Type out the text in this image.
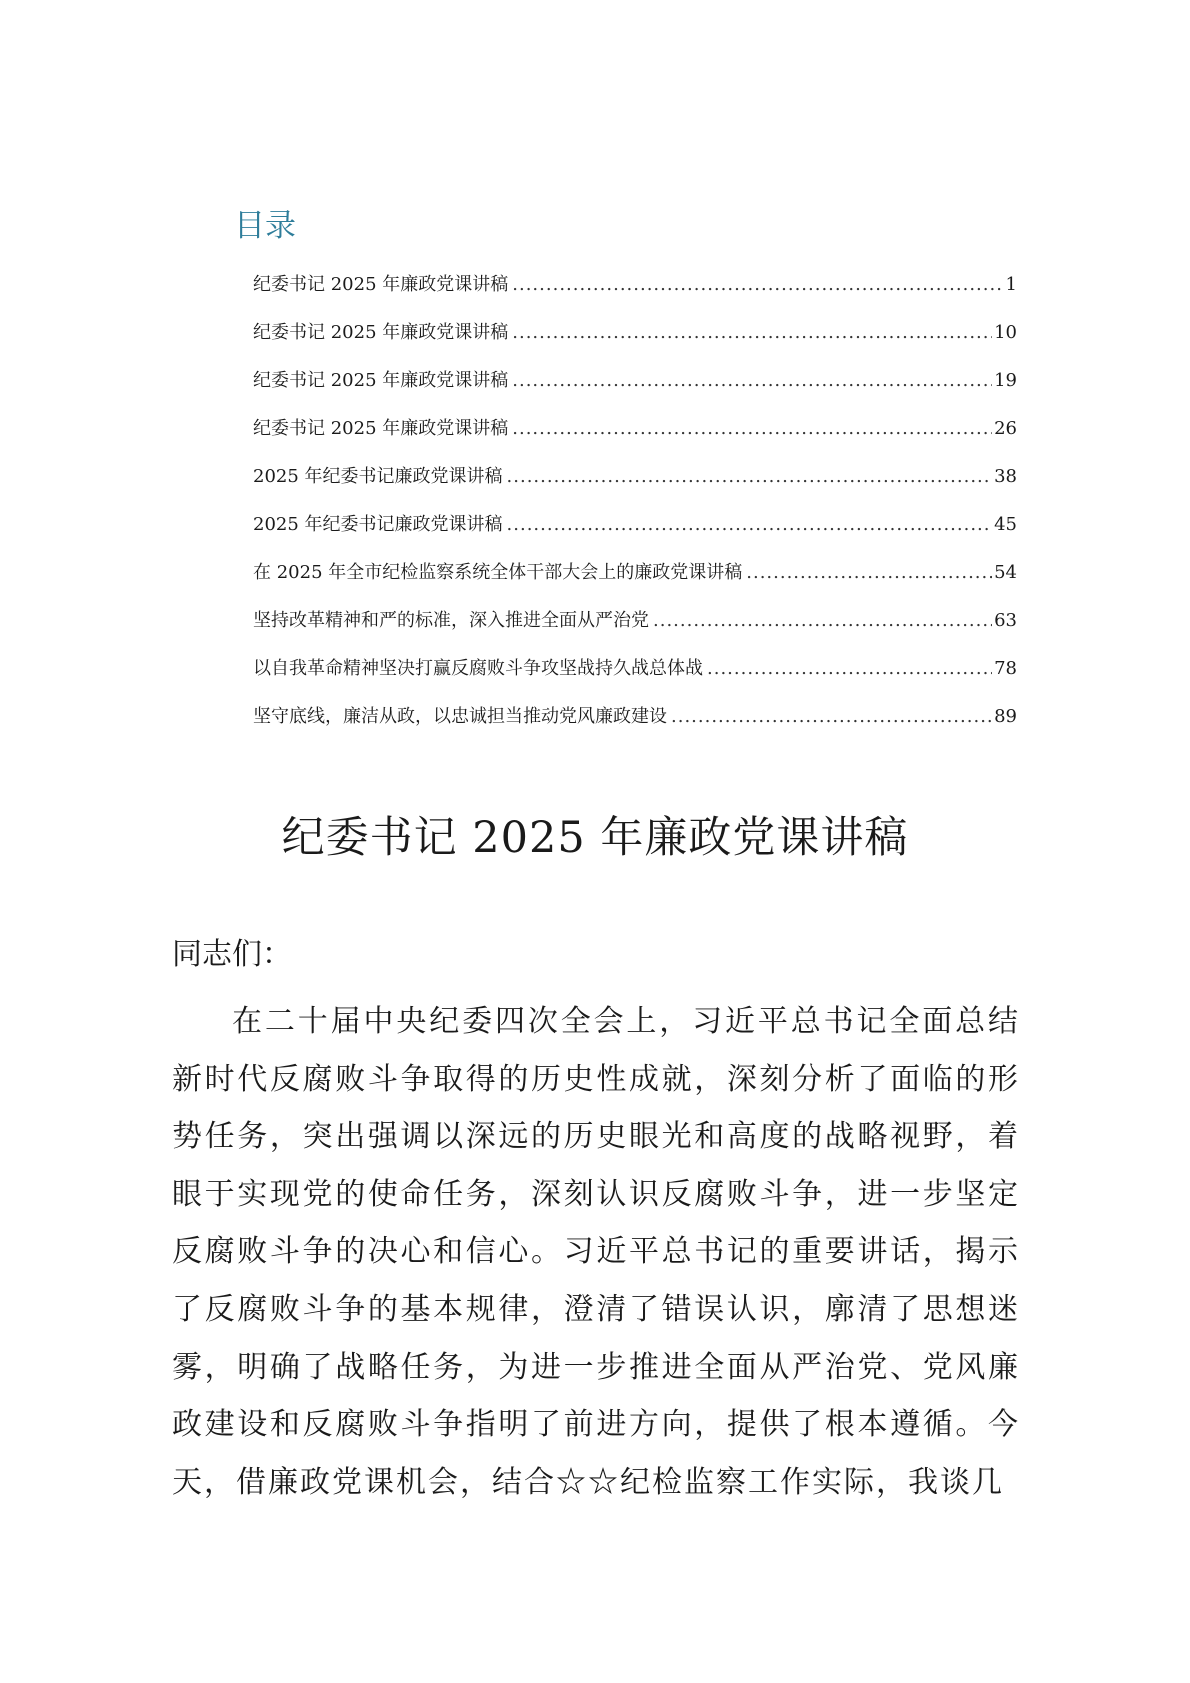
目录
纪委书记 2025 年廉政党课讲稿 .....	1
纪委书记 2025 年廉政党课讲稿 .....	10
纪委书记 2025 年廉政党课讲稿 .....	19
纪委书记 2025 年廉政党课讲稿 .....	26
2025 年纪委书记廉政党课讲稿 .....	38
2025 年纪委书记廉政党课讲稿 .....	45
在 2025 年全市纪检监察系统全体干部大会上的廉政党课讲稿 .....	54
坚持改革精神和严的标准，深入推进全面从严治党 .....	63
以自我革命精神坚决打赢反腐败斗争攻坚战持久战总体战 .....	78
坚守底线，廉洁从政，以忠诚担当推动党风廉政建设 .....	89
纪委书记 2025 年廉政党课讲稿

同志们：

在二十届中央纪委四次全会上，习近平总书记全面总结新时代反腐败斗争取得的历史性成就，深刻分析了面临的形势任务，突出强调以深远的历史眼光和高度的战略视野，着眼于实现党的使命任务，深刻认识反腐败斗争，进一步坚定反腐败斗争的决心和信心。习近平总书记的重要讲话，揭示了反腐败斗争的基本规律，澄清了错误认识，廓清了思想迷雾，明确了战略任务，为进一步推进全面从严治党、党风廉政建设和反腐败斗争指明了前进方向，提供了根本遵循。今天，借廉政党课机会，结合☆☆纪检监察工作实际，我谈几
